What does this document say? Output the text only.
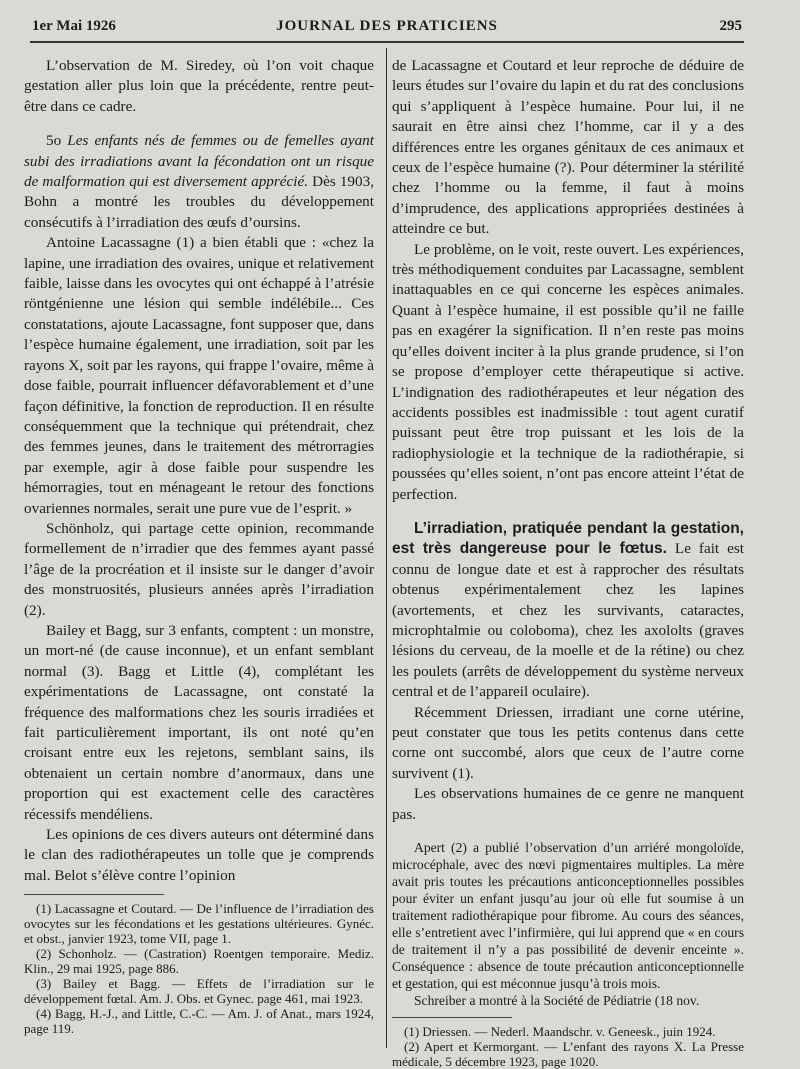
1er Mai 1926	JOURNAL DES PRATICIENS	295

L’observation de M. Siredey, où l’on voit chaque gestation aller plus loin que la précédente, rentre peut-être dans ce cadre.

5o Les enfants nés de femmes ou de femelles ayant subi des irradiations avant la fécondation ont un risque de malformation qui est diversement apprécié. Dès 1903, Bohn a montré les troubles du développement consécutifs à l’irradiation des œufs d’oursins.

Antoine Lacassagne (1) a bien établi que : «chez la lapine, une irradiation des ovaires, unique et relativement faible, laisse dans les ovocytes qui ont échappé à l’atrésie röntgénienne une lésion qui semble indélébile... Ces constatations, ajoute Lacassagne, font supposer que, dans l’espèce humaine également, une irradiation, soit par les rayons X, soit par les rayons, qui frappe l’ovaire, même à dose faible, pourrait influencer défavorablement et d’une façon définitive, la fonction de reproduction. Il en résulte conséquemment que la technique qui prétendrait, chez des femmes jeunes, dans le traitement des métrorragies par exemple, agir à dose faible pour suspendre les hémorragies, tout en ménageant le retour des fonctions ovariennes normales, serait une pure vue de l’esprit. »

Schönholz, qui partage cette opinion, recommande formellement de n’irradier que des femmes ayant passé l’âge de la procréation et il insiste sur le danger d’avoir des monstruosités, plusieurs années après l’irradiation (2).

Bailey et Bagg, sur 3 enfants, comptent : un monstre, un mort-né (de cause inconnue), et un enfant semblant normal (3). Bagg et Little (4), complétant les expérimentations de Lacassagne, ont constaté la fréquence des malformations chez les souris irradiées et fait particulièrement important, ils ont noté qu’en croisant entre eux les rejetons, semblant sains, ils obtenaient un certain nombre d’anormaux, dans une proportion qui est exactement celle des caractères récessifs mendéliens.

Les opinions de ces divers auteurs ont déterminé dans le clan des radiothérapeutes un tolle que je comprends mal. Belot s’élève contre l’opinion

(1) Lacassagne et Coutard. — De l’influence de l’irradiation des ovocytes sur les fécondations et les gestations ultérieures. Gynéc. et obst., janvier 1923, tome VII, page 1.

(2) Schonholz. — (Castration) Roentgen temporaire. Mediz. Klin., 29 mai 1925, page 886.

(3) Bailey et Bagg. — Effets de l’irradiation sur le développement fœtal. Am. J. Obs. et Gynec. page 461, mai 1923.

(4) Bagg, H.-J., and Little, C.-C. — Am. J. of Anat., mars 1924, page 119.

de Lacassagne et Coutard et leur reproche de déduire de leurs études sur l’ovaire du lapin et du rat des conclusions qui s’appliquent à l’espèce humaine. Pour lui, il ne saurait en être ainsi chez l’homme, car il y a des différences entre les organes génitaux de ces animaux et ceux de l’espèce humaine (?). Pour déterminer la stérilité chez l’homme ou la femme, il faut à moins d’imprudence, des applications appropriées destinées à atteindre ce but.

Le problème, on le voit, reste ouvert. Les expériences, très méthodiquement conduites par Lacassagne, semblent inattaquables en ce qui concerne les espèces animales. Quant à l’espèce humaine, il est possible qu’il ne faille pas en exagérer la signification. Il n’en reste pas moins qu’elles doivent inciter à la plus grande prudence, si l’on se propose d’employer cette thérapeutique si active. L’indignation des radiothérapeutes et leur négation des accidents possibles est inadmissible : tout agent curatif puissant peut être trop puissant et les lois de la radiophysiologie et la technique de la radiothérapie, si poussées qu’elles soient, n’ont pas encore atteint l’état de perfection.

L’irradiation, pratiquée pendant la gestation, est très dangereuse pour le fœtus. Le fait est connu de longue date et est à rapprocher des résultats obtenus expérimentalement chez les lapines (avortements, et chez les survivants, cataractes, microphtalmie ou coloboma), chez les axololts (graves lésions du cerveau, de la moelle et de la rétine) ou chez les poulets (arrêts de développement du système nerveux central et de l’appareil oculaire).

Récemment Driessen, irradiant une corne utérine, peut constater que tous les petits contenus dans cette corne ont succombé, alors que ceux de l’autre corne survivent (1).

Les observations humaines de ce genre ne manquent pas.

Apert (2) a publié l’observation d’un arriéré mongoloïde, microcéphale, avec des nœvi pigmentaires multiples. La mère avait pris toutes les précautions anticonceptionnelles possibles pour éviter un enfant jusqu’au jour où elle fut soumise à un traitement radiothérapique pour fibrome. Au cours des séances, elle s’entretient avec l’infirmière, qui lui apprend que « en cours de traitement il n’y a pas possibilité de devenir enceinte ». Conséquence : absence de toute précaution anticonceptionnelle et gestation, qui est méconnue jusqu’à trois mois.

Schreiber a montré à la Société de Pédiatrie (18 nov.

(1) Driessen. — Nederl. Maandschr. v. Geneesk., juin 1924.

(2) Apert et Kermorgant. — L’enfant des rayons X. La Presse médicale, 5 décembre 1923, page 1020.
